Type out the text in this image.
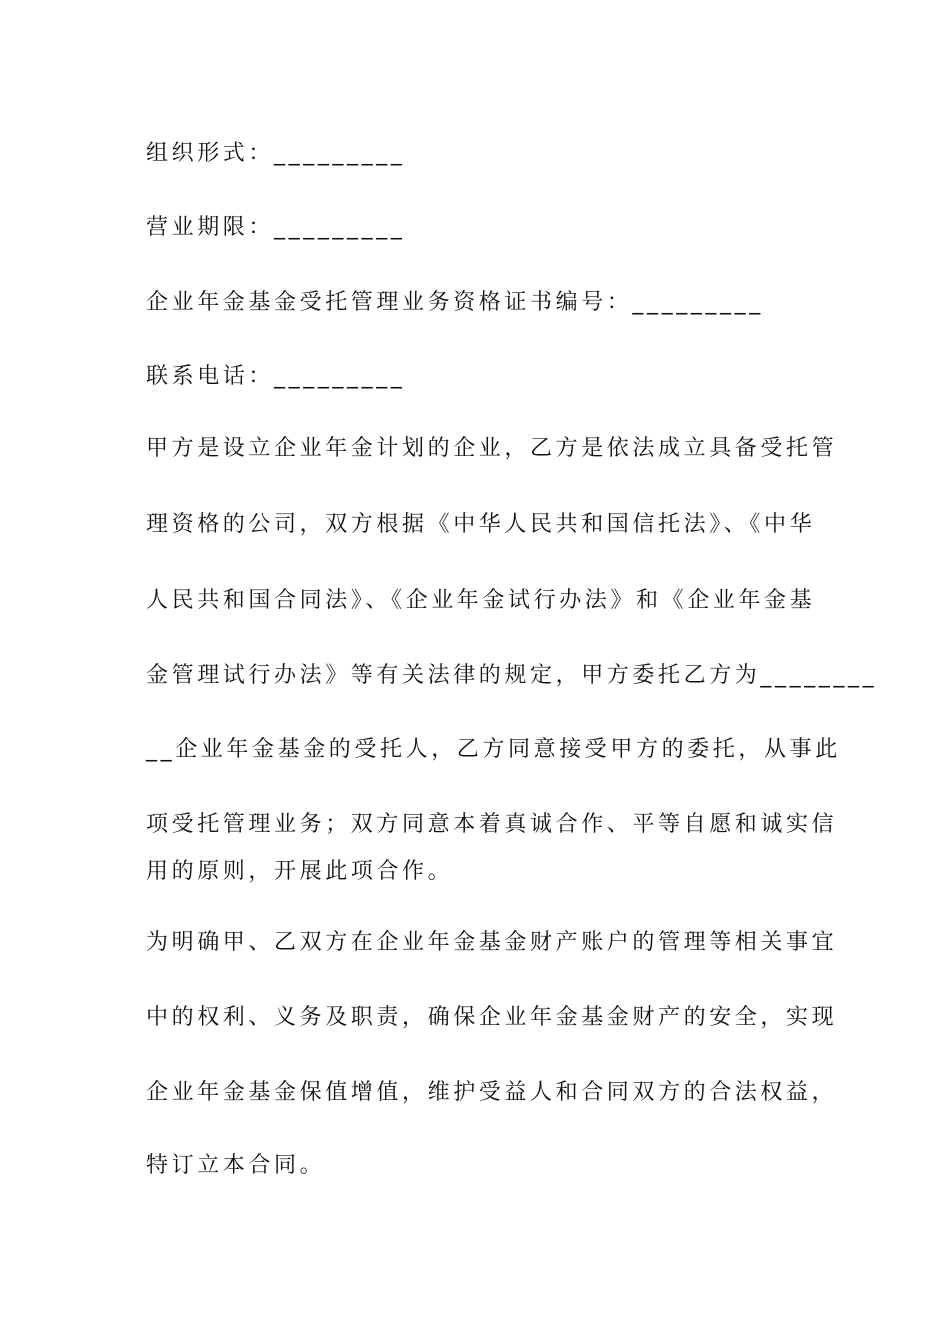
组织形式：_________
营业期限：_________
企业年金基金受托管理业务资格证书编号：_________
联系电话：_________
甲方是设立企业年金计划的企业，乙方是依法成立具备受托管
理资格的公司，双方根据《中华人民共和国信托法》、《中华
人民共和国合同法》、《企业年金试行办法》和《企业年金基
金管理试行办法》等有关法律的规定，甲方委托乙方为________
__企业年金基金的受托人，乙方同意接受甲方的委托，从事此
项受托管理业务；双方同意本着真诚合作、平等自愿和诚实信
用的原则，开展此项合作。
为明确甲、乙双方在企业年金基金财产账户的管理等相关事宜
中的权利、义务及职责，确保企业年金基金财产的安全，实现
企业年金基金保值增值，维护受益人和合同双方的合法权益，
特订立本合同。
